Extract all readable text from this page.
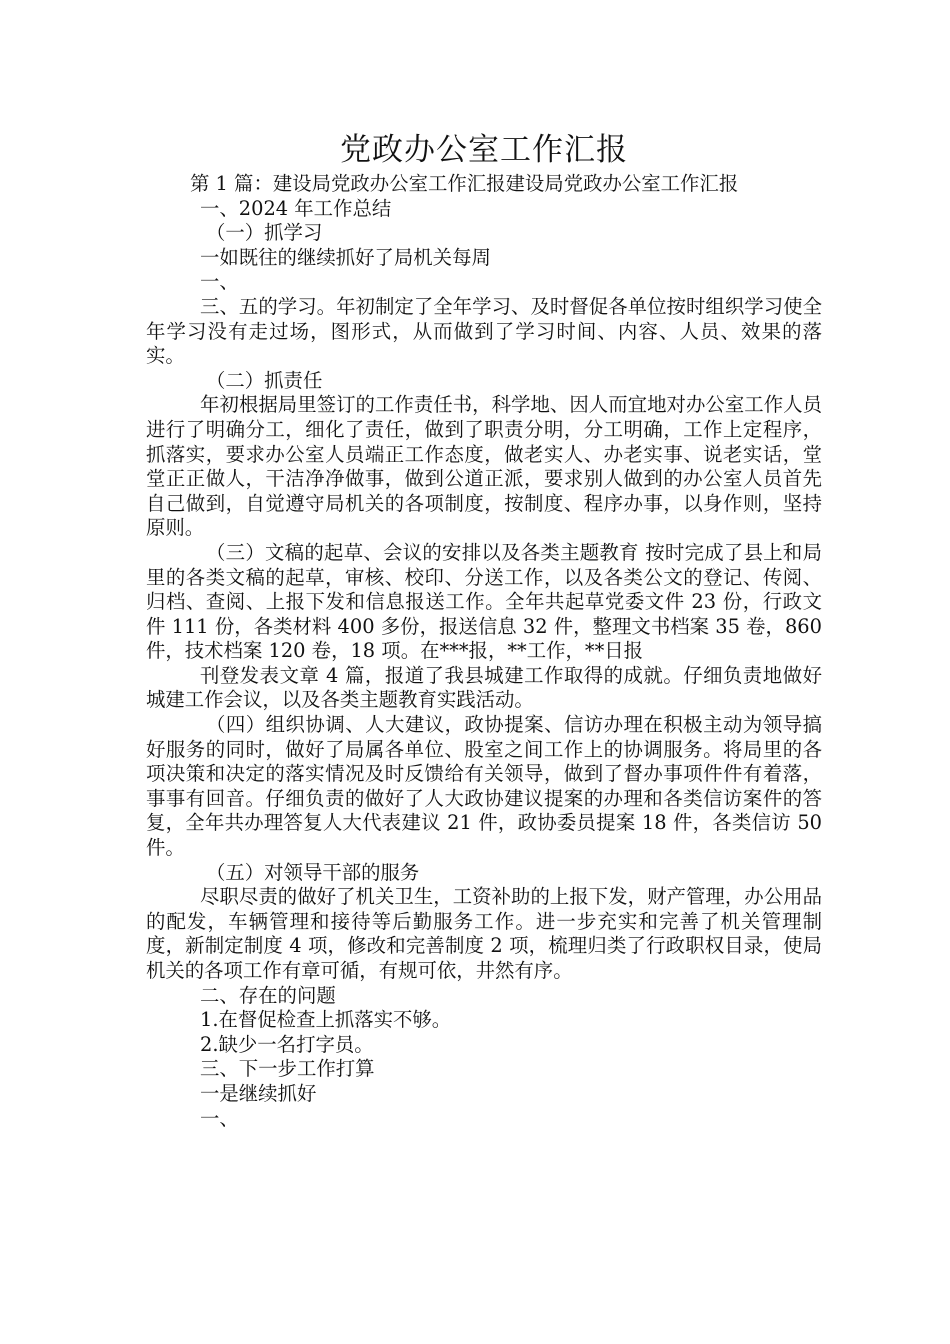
党政办公室工作汇报

第 1 篇：建设局党政办公室工作汇报建设局党政办公室工作汇报

一、2024 年工作总结
（一）抓学习
一如既往的继续抓好了局机关每周
一、

三、五的学习。年初制定了全年学习、及时督促各单位按时组织学习使全年学习没有走过场，图形式，从而做到了学习时间、内容、人员、效果的落实。

（二）抓责任

年初根据局里签订的工作责任书，科学地、因人而宜地对办公室工作人员进行了明确分工，细化了责任，做到了职责分明，分工明确，工作上定程序，抓落实，要求办公室人员端正工作态度，做老实人、办老实事、说老实话，堂堂正正做人，干洁净净做事，做到公道正派，要求别人做到的办公室人员首先自己做到，自觉遵守局机关的各项制度，按制度、程序办事，以身作则，坚持原则。

（三）文稿的起草、会议的安排以及各类主题教育 按时完成了县上和局里的各类文稿的起草，审核、校印、分送工作，以及各类公文的登记、传阅、归档、查阅、上报下发和信息报送工作。全年共起草党委文件 23 份，行政文件 111 份，各类材料 400 多份，报送信息 32 件，整理文书档案 35 卷，860 件，技术档案 120 卷，18 项。在***报，**工作，**日报

刊登发表文章 4 篇，报道了我县城建工作取得的成就。仔细负责地做好城建工作会议，以及各类主题教育实践活动。

（四）组织协调、人大建议，政协提案、信访办理在积极主动为领导搞好服务的同时，做好了局属各单位、股室之间工作上的协调服务。将局里的各项决策和决定的落实情况及时反馈给有关领导，做到了督办事项件件有着落，事事有回音。仔细负责的做好了人大政协建议提案的办理和各类信访案件的答复，全年共办理答复人大代表建议 21 件，政协委员提案 18 件，各类信访 50 件。

（五）对领导干部的服务

尽职尽责的做好了机关卫生，工资补助的上报下发，财产管理，办公用品的配发，车辆管理和接待等后勤服务工作。进一步充实和完善了机关管理制度，新制定制度 4 项，修改和完善制度 2 项，梳理归类了行政职权目录，使局机关的各项工作有章可循，有规可依，井然有序。

二、存在的问题
1.在督促检查上抓落实不够。
2.缺少一名打字员。
三、下一步工作打算
一是继续抓好
一、
